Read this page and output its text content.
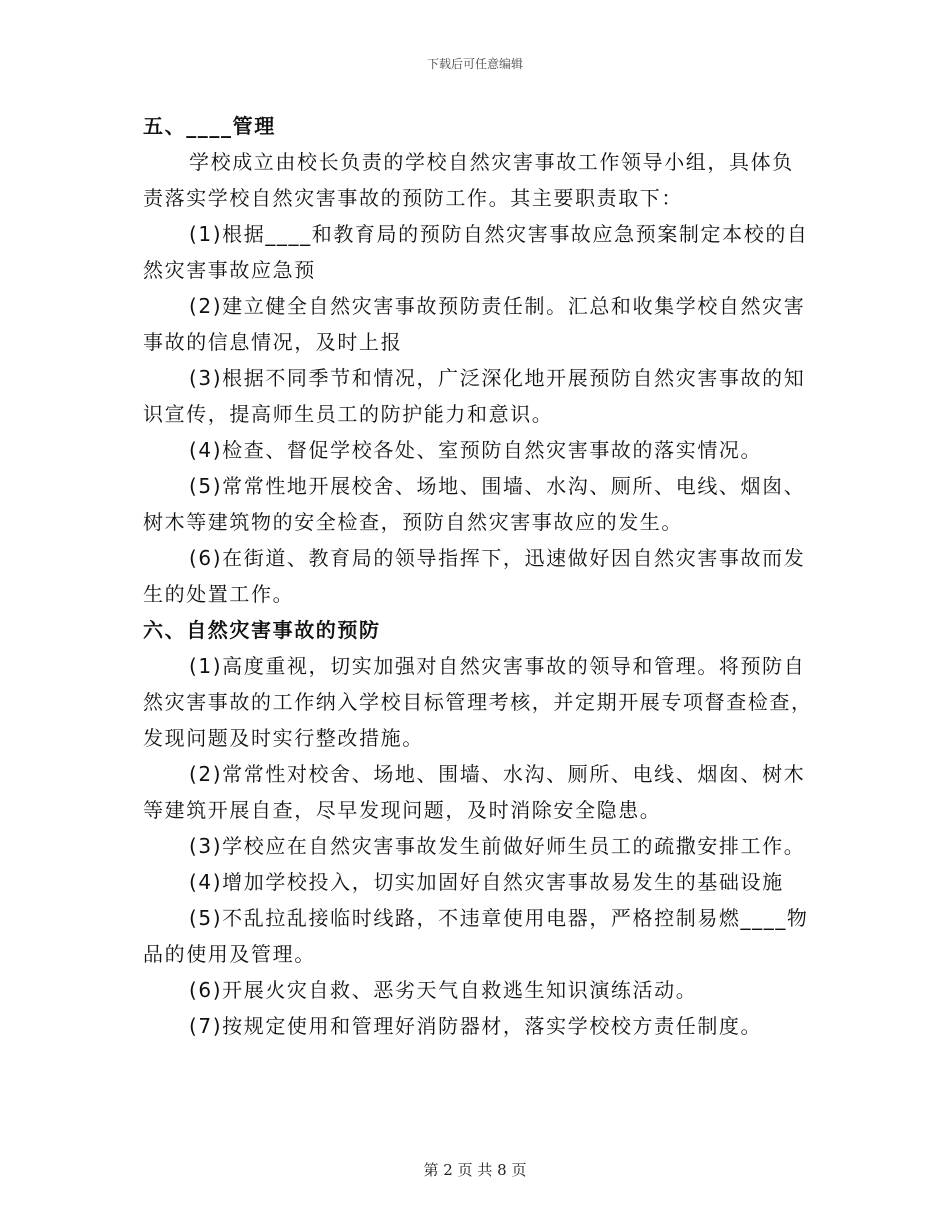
下载后可任意编辑
五、____管理
学校成立由校长负责的学校自然灾害事故工作领导小组，具体负
责落实学校自然灾害事故的预防工作。其主要职责取下：
(1)根据____和教育局的预防自然灾害事故应急预案制定本校的自
然灾害事故应急预
(2)建立健全自然灾害事故预防责任制。汇总和收集学校自然灾害
事故的信息情况，及时上报
(3)根据不同季节和情况，广泛深化地开展预防自然灾害事故的知
识宣传，提高师生员工的防护能力和意识。
(4)检查、督促学校各处、室预防自然灾害事故的落实情况。
(5)常常性地开展校舍、场地、围墙、水沟、厕所、电线、烟囱、
树木等建筑物的安全检查，预防自然灾害事故应的发生。
(6)在街道、教育局的领导指挥下，迅速做好因自然灾害事故而发
生的处置工作。
六、自然灾害事故的预防
(1)高度重视，切实加强对自然灾害事故的领导和管理。将预防自
然灾害事故的工作纳入学校目标管理考核，并定期开展专项督查检查，
发现问题及时实行整改措施。
(2)常常性对校舍、场地、围墙、水沟、厕所、电线、烟囱、树木
等建筑开展自查，尽早发现问题，及时消除安全隐患。
(3)学校应在自然灾害事故发生前做好师生员工的疏撒安排工作。
(4)增加学校投入，切实加固好自然灾害事故易发生的基础设施
(5)不乱拉乱接临时线路，不违章使用电器，严格控制易燃____物
品的使用及管理。
(6)开展火灾自救、恶劣天气自救逃生知识演练活动。
(7)按规定使用和管理好消防器材，落实学校校方责任制度。
第 2 页 共 8 页
